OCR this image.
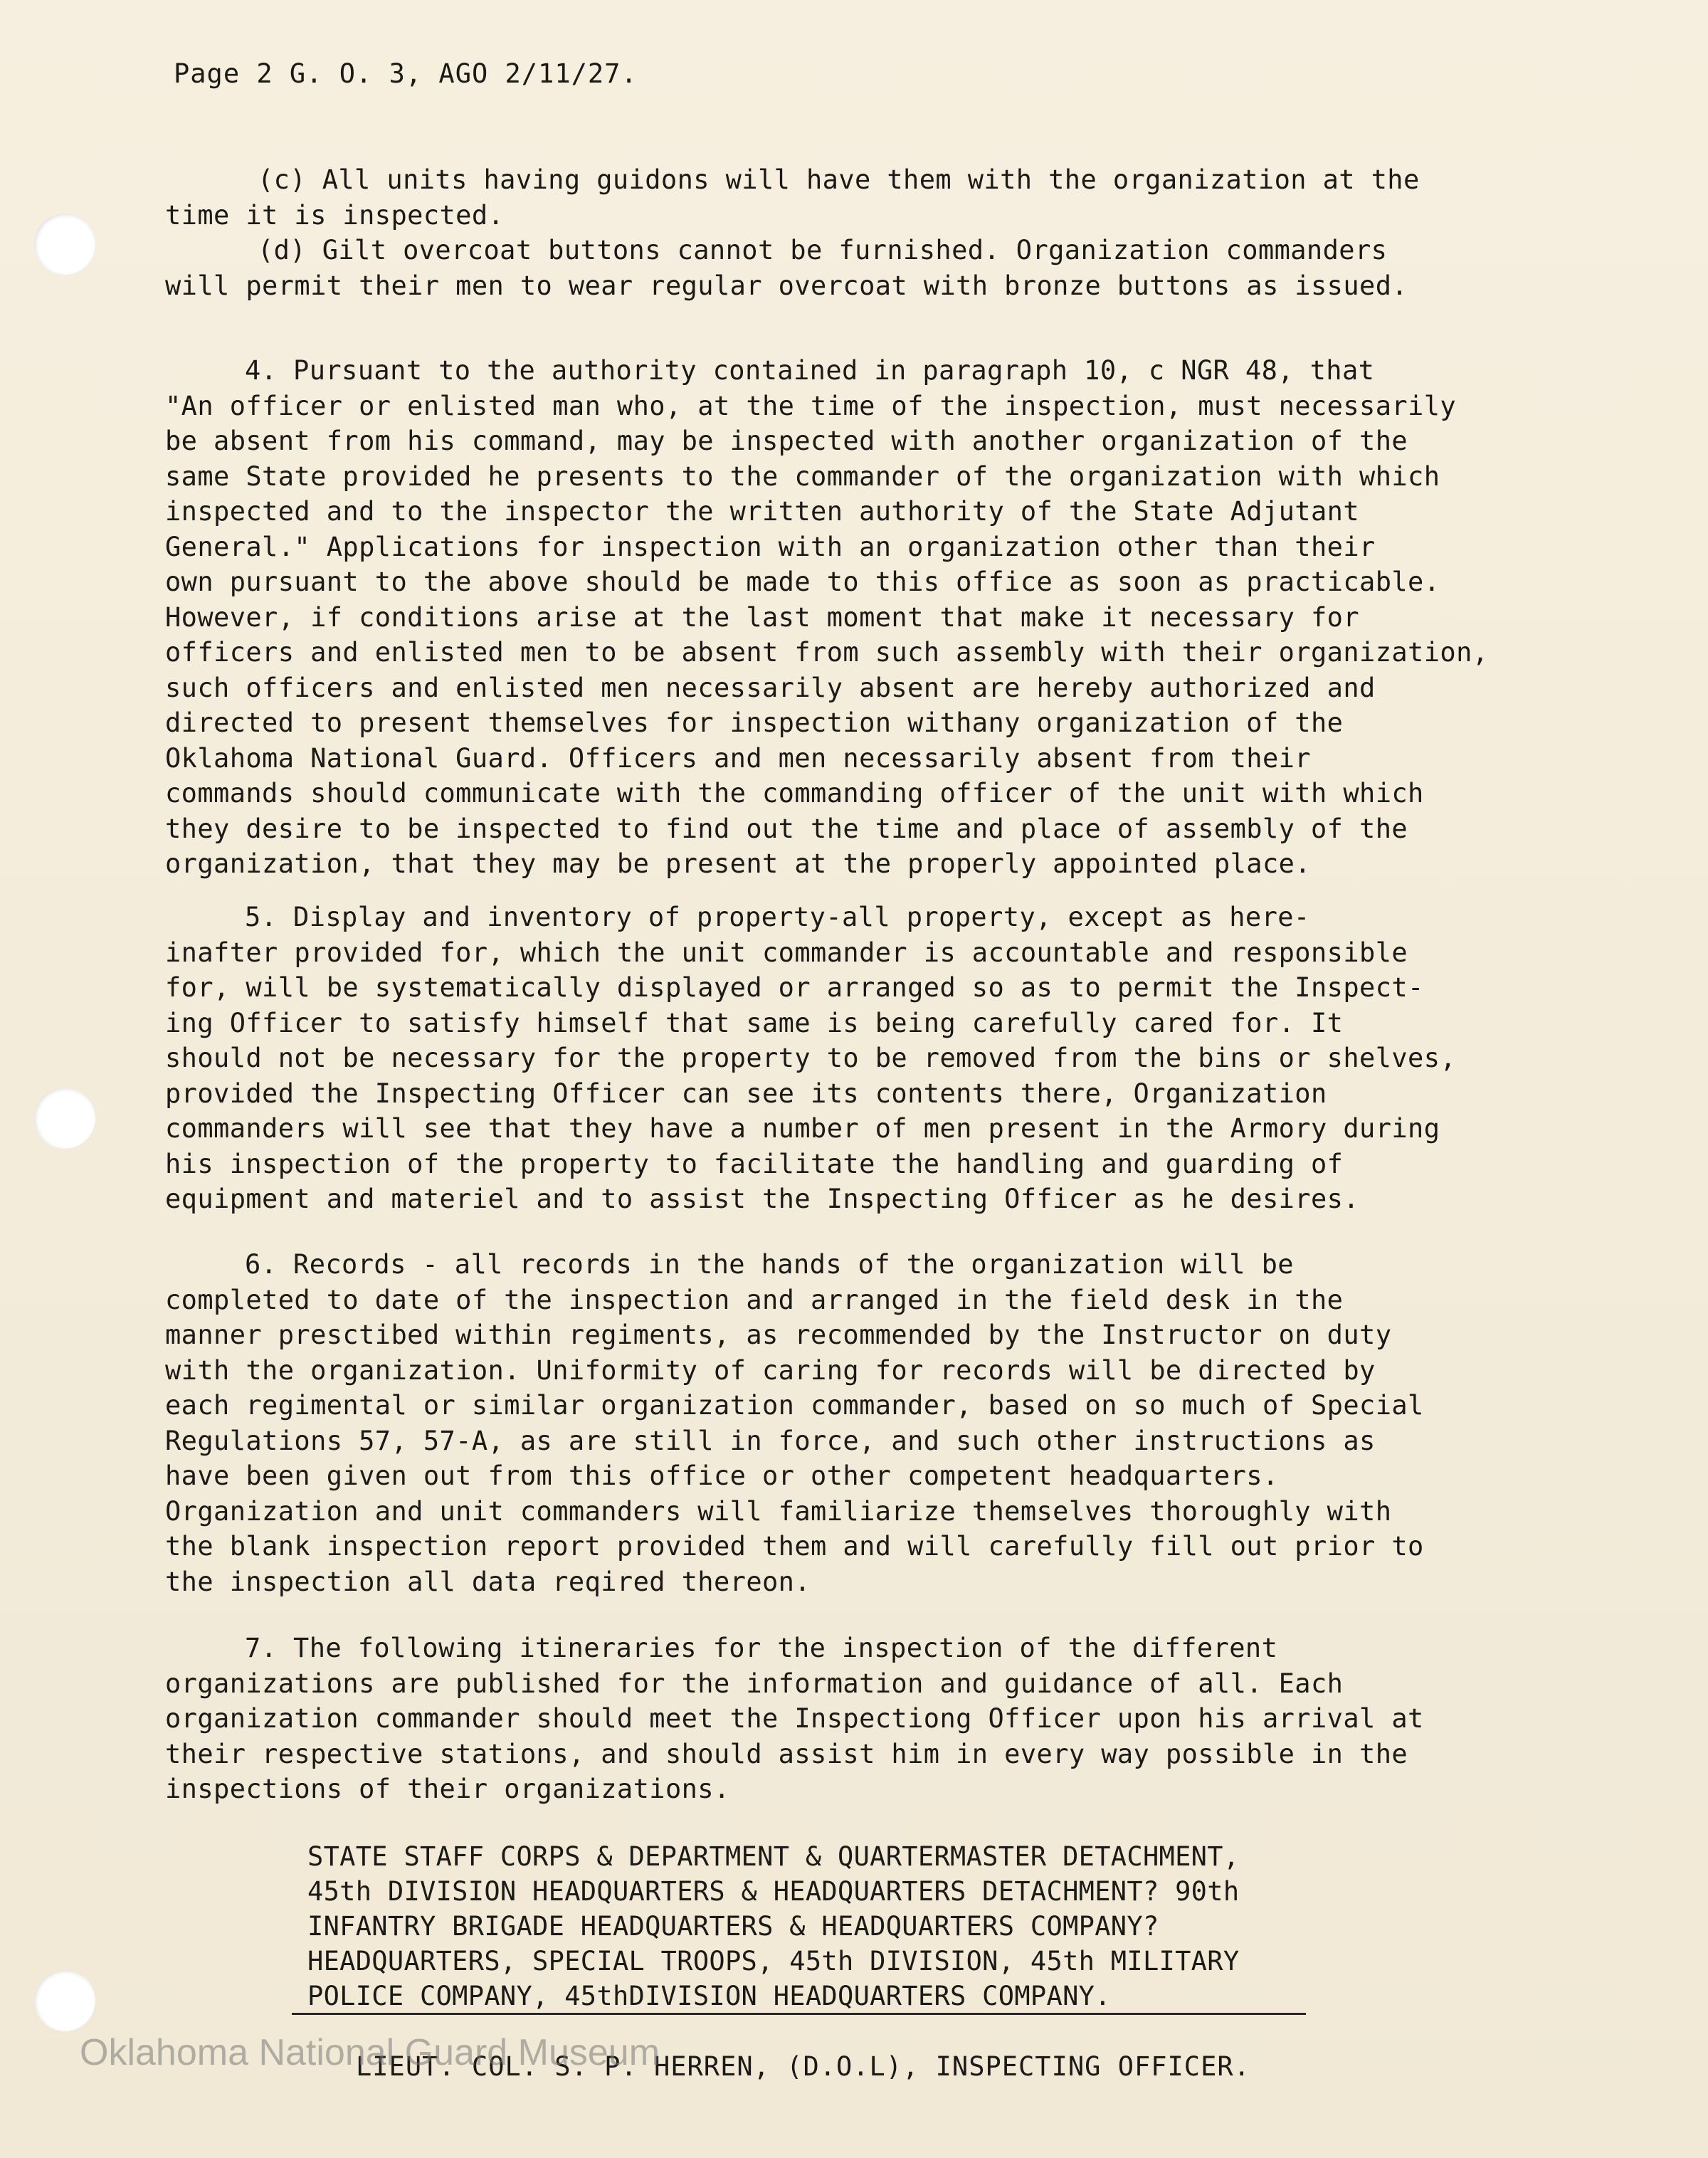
Page 2 G. O. 3, AGO 2/11/27.
(c) All units having guidons will have them with the organization at the
time it is inspected.
(d) Gilt overcoat buttons cannot be furnished. Organization commanders
will permit their men to wear regular overcoat with bronze buttons as issued.
4. Pursuant to the authority contained in paragraph 10, c NGR 48, that
"An officer or enlisted man who, at the time of the inspection, must necessarily
be absent from his command, may be inspected with another organization of the
same State provided he presents to the commander of the organization with which
inspected and to the inspector the written authority of the State Adjutant
General." Applications for inspection with an organization other than their
own pursuant to the above should be made to this office as soon as practicable.
However, if conditions arise at the last moment that make it necessary for
officers and enlisted men to be absent from such assembly with their organization,
such officers and enlisted men necessarily absent are hereby authorized and
directed to present themselves for inspection withany organization of the
Oklahoma National Guard. Officers and men necessarily absent from their
commands should communicate with the commanding officer of the unit with which
they desire to be inspected to find out the time and place of assembly of the
organization, that they may be present at the properly appointed place.
5. Display and inventory of property-all property, except as here-
inafter provided for, which the unit commander is accountable and responsible
for, will be systematically displayed or arranged so as to permit the Inspect-
ing Officer to satisfy himself that same is being carefully cared for. It
should not be necessary for the property to be removed from the bins or shelves,
provided the Inspecting Officer can see its contents there, Organization
commanders will see that they have a number of men present in the Armory during
his inspection of the property to facilitate the handling and guarding of
equipment and materiel and to assist the Inspecting Officer as he desires.
6. Records - all records in the hands of the organization will be
completed to date of the inspection and arranged in the field desk in the
manner presctibed within regiments, as recommended by the Instructor on duty
with the organization. Uniformity of caring for records will be directed by
each regimental or similar organization commander, based on so much of Special
Regulations 57, 57-A, as are still in force, and such other instructions as
have been given out from this office or other competent headquarters.
Organization and unit commanders will familiarize themselves thoroughly with
the blank inspection report provided them and will carefully fill out prior to
the inspection all data reqired thereon.
7. The following itineraries for the inspection of the different
organizations are published for the information and guidance of all. Each
organization commander should meet the Inspectiong Officer upon his arrival at
their respective stations, and should assist him in every way possible in the
inspections of their organizations.
STATE STAFF CORPS & DEPARTMENT & QUARTERMASTER DETACHMENT,
45th DIVISION HEADQUARTERS & HEADQUARTERS DETACHMENT? 90th
INFANTRY BRIGADE HEADQUARTERS & HEADQUARTERS COMPANY?
HEADQUARTERS, SPECIAL TROOPS, 45th DIVISION, 45th MILITARY
POLICE COMPANY, 45thDIVISION HEADQUARTERS COMPANY.
LIEUT. COL. S. P. HERREN, (D.O.L), INSPECTING OFFICER.
Oklahoma National Guard Museum
